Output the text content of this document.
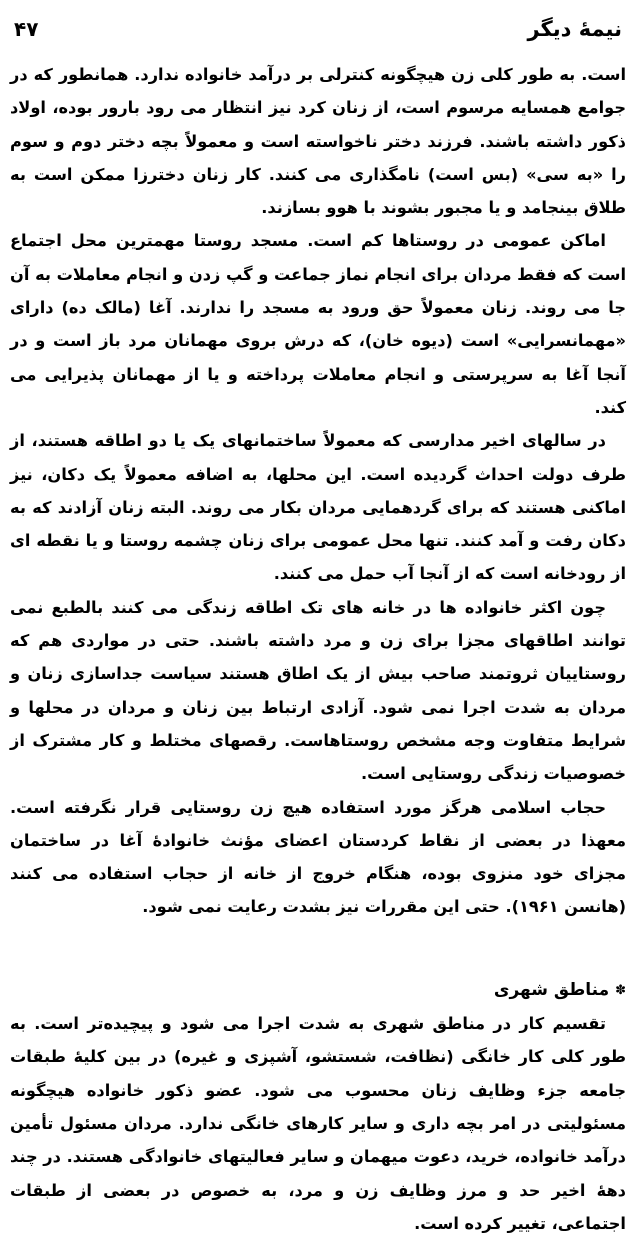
۴۷	نیمهٔ دیگر

است. به طور کلی زن هیچگونه کنترلی بر درآمد خانواده ندارد. همانطور که در جوامع همسایه مرسوم است، از زنان کرد نیز انتظار می رود بارور بوده، اولاد ذکور داشته باشند. فرزند دختر ناخواسته است و معمولاً بچه دختر دوم و سوم را «به سی» (بس است) نامگذاری می کنند. کار زنان دخترزا ممکن است به طلاق بینجامد و یا مجبور بشوند با هوو بسازند.

اماکن عمومی در روستاها کم است. مسجد روستا مهمترین محل اجتماع است که فقط مردان برای انجام نماز جماعت و گپ زدن و انجام معاملات به آن جا می روند. زنان معمولاً حق ورود به مسجد را ندارند. آغا (مالک ده) دارای «مهمانسرایی» است (دیوه خان)، که درش بروی مهمانان مرد باز است و در آنجا آغا به سرپرستی و انجام معاملات پرداخته و یا از مهمانان پذیرایی می کند.

در سالهای اخیر مدارسی که معمولاً ساختمانهای یک یا دو اطاقه هستند، از طرف دولت احداث گردیده است. این محلها، به اضافه معمولاً یک دکان، نیز اماکنی هستند که برای گردهمایی مردان بکار می روند. البته زنان آزادند که به دکان رفت و آمد کنند. تنها محل عمومی برای زنان چشمه روستا و یا نقطه ای از رودخانه است که از آنجا آب حمل می کنند.

چون اکثر خانواده ها در خانه های تک اطاقه زندگی می کنند بالطبع نمی توانند اطاقهای مجزا برای زن و مرد داشته باشند. حتی در مواردی هم که روستاییان ثروتمند صاحب بیش از یک اطاق هستند سیاست جداسازی زنان و مردان به شدت اجرا نمی شود. آزادی ارتباط بین زنان و مردان در محلها و شرایط متفاوت وجه مشخص روستاهاست. رقصهای مختلط و کار مشترک از خصوصیات زندگی روستایی است.

حجاب اسلامی هرگز مورد استفاده هیچ زن روستایی قرار نگرفته است. معهذا در بعضی از نقاط کردستان اعضای مؤنث خانوادهٔ آغا در ساختمان مجزای خود منزوی بوده، هنگام خروج از خانه از حجاب استفاده می کنند (هانسن ۱۹۶۱). حتی این مقررات نیز بشدت رعایت نمی شود.

✽
مناطق شهری

تقسیم کار در مناطق شهری به شدت اجرا می شود و پیچیده‌تر است. به طور کلی کار خانگی (نظافت، شستشو، آشپزی و غیره) در بین کلیهٔ طبقات جامعه جزء وظایف زنان محسوب می شود. عضو ذکور خانواده هیچگونه مسئولیتی در امر بچه داری و سایر کارهای خانگی ندارد. مردان مسئول تأمین درآمد خانواده، خرید، دعوت میهمان و سایر فعالیتهای خانوادگی هستند. در چند دههٔ اخیر حد و مرز وظایف زن و مرد، به خصوص در بعضی از طبقات اجتماعی، تغییر کرده است.
